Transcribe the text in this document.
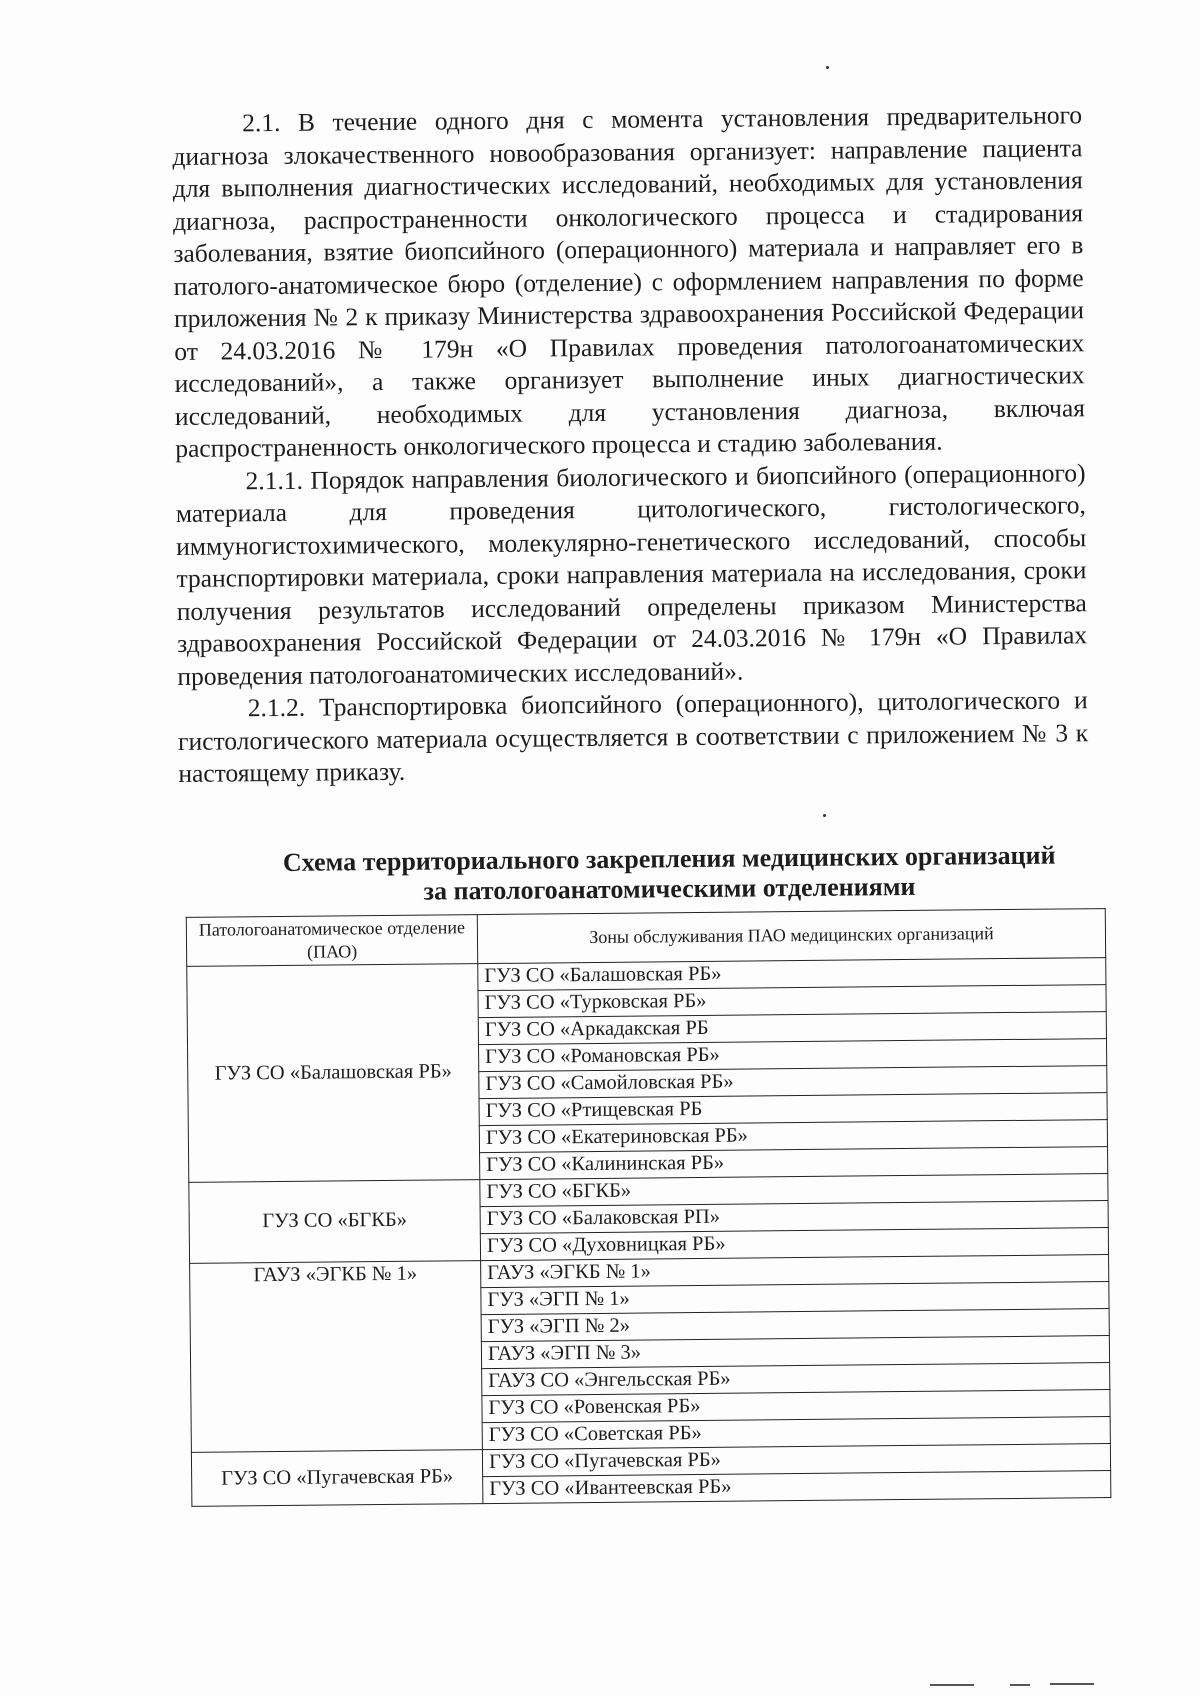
2.1. В течение одного дня с момента установления предварительного диагноза злокачественного новообразования организует: направление пациента для выполнения диагностических исследований, необходимых для установления диагноза, распространенности онкологического процесса и стадирования заболевания, взятие биопсийного (операционного) материала и направляет его в патолого-анатомическое бюро (отделение) с оформлением направления по форме приложения № 2 к приказу Министерства здравоохранения Российской Федерации от 24.03.2016 № 179н «О Правилах проведения патологоанатомических исследований», а также организует выполнение иных диагностических исследований, необходимых для установления диагноза, включая распространенность онкологического процесса и стадию заболевания.

2.1.1. Порядок направления биологического и биопсийного (операционного) материала для проведения цитологического, гистологического, иммуногистохимического, молекулярно-генетического исследований, способы транспортировки материала, сроки направления материала на исследования, сроки получения результатов исследований определены приказом Министерства здравоохранения Российской Федерации от 24.03.2016 № 179н «О Правилах проведения патологоанатомических исследований».

2.1.2. Транспортировка биопсийного (операционного), цитологического и гистологического материала осуществляется в соответствии с приложением № 3 к настоящему приказу.

Схема территориального закрепления медицинских организаций
за патологоанатомическими отделениями
Патологоанатомическое отделение (ПАО)	Зоны обслуживания ПАО медицинских организаций
ГУЗ СО «Балашовская РБ»	ГУЗ СО «Балашовская РБ»
	ГУЗ СО «Турковская РБ»
	ГУЗ СО «Аркадакская РБ
	ГУЗ СО «Романовская РБ»
	ГУЗ СО «Самойловская РБ»
	ГУЗ СО «Ртищевская РБ
	ГУЗ СО «Екатериновская РБ»
	ГУЗ СО «Калининская РБ»
ГУЗ СО «БГКБ»	ГУЗ СО «БГКБ»
	ГУЗ СО «Балаковская РП»
	ГУЗ СО «Духовницкая РБ»
ГАУЗ «ЭГКБ № 1»	ГАУЗ «ЭГКБ № 1»
	ГУЗ «ЭГП № 1»
	ГУЗ «ЭГП № 2»
	ГАУЗ «ЭГП № 3»
	ГАУЗ СО «Энгельсская РБ»
	ГУЗ СО «Ровенская РБ»
	ГУЗ СО «Советская РБ»
ГУЗ СО «Пугачевская РБ»	ГУЗ СО «Пугачевская РБ»
	ГУЗ СО «Ивантеевская РБ»
